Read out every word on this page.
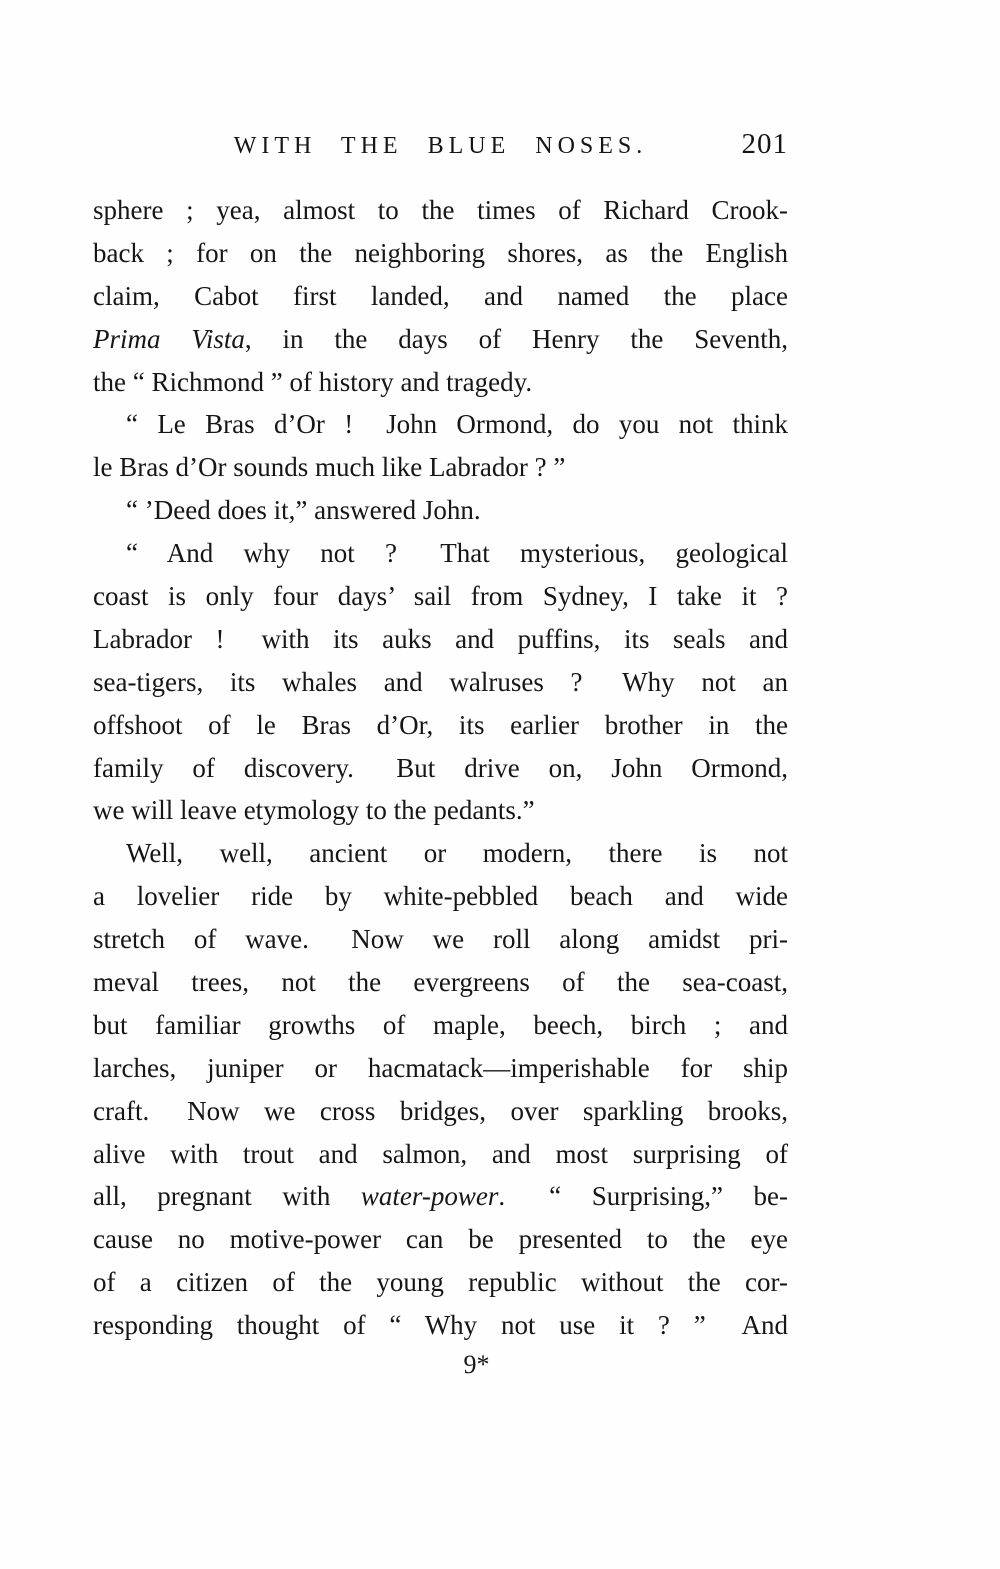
WITH THE BLUE NOSES.	201
sphere ; yea, almost to the times of Richard Crook-
back ; for on the neighboring shores, as the English
claim, Cabot first landed, and named the place
Prima Vista, in the days of Henry the Seventh,
the “ Richmond ” of history and tragedy.
“ Le Bras d’Or !  John Ormond, do you not think
le Bras d’Or sounds much like Labrador ? ”
“ ’Deed does it,” answered John.
“ And why not ?  That mysterious, geological
coast is only four days’ sail from Sydney, I take it ?
Labrador !  with its auks and puffins, its seals and
sea-tigers, its whales and walruses ?  Why not an
offshoot of le Bras d’Or, its earlier brother in the
family of discovery.  But drive on, John Ormond,
we will leave etymology to the pedants.”
Well, well, ancient or modern, there is not
a lovelier ride by white-pebbled beach and wide
stretch of wave.  Now we roll along amidst pri-
meval trees, not the evergreens of the sea-coast,
but familiar growths of maple, beech, birch ; and
larches, juniper or hacmatack—imperishable for ship
craft.  Now we cross bridges, over sparkling brooks,
alive with trout and salmon, and most surprising of
all, pregnant with water-power.  “ Surprising,” be-
cause no motive-power can be presented to the eye
of a citizen of the young republic without the cor-
responding thought of “ Why not use it ? ”  And
9*
